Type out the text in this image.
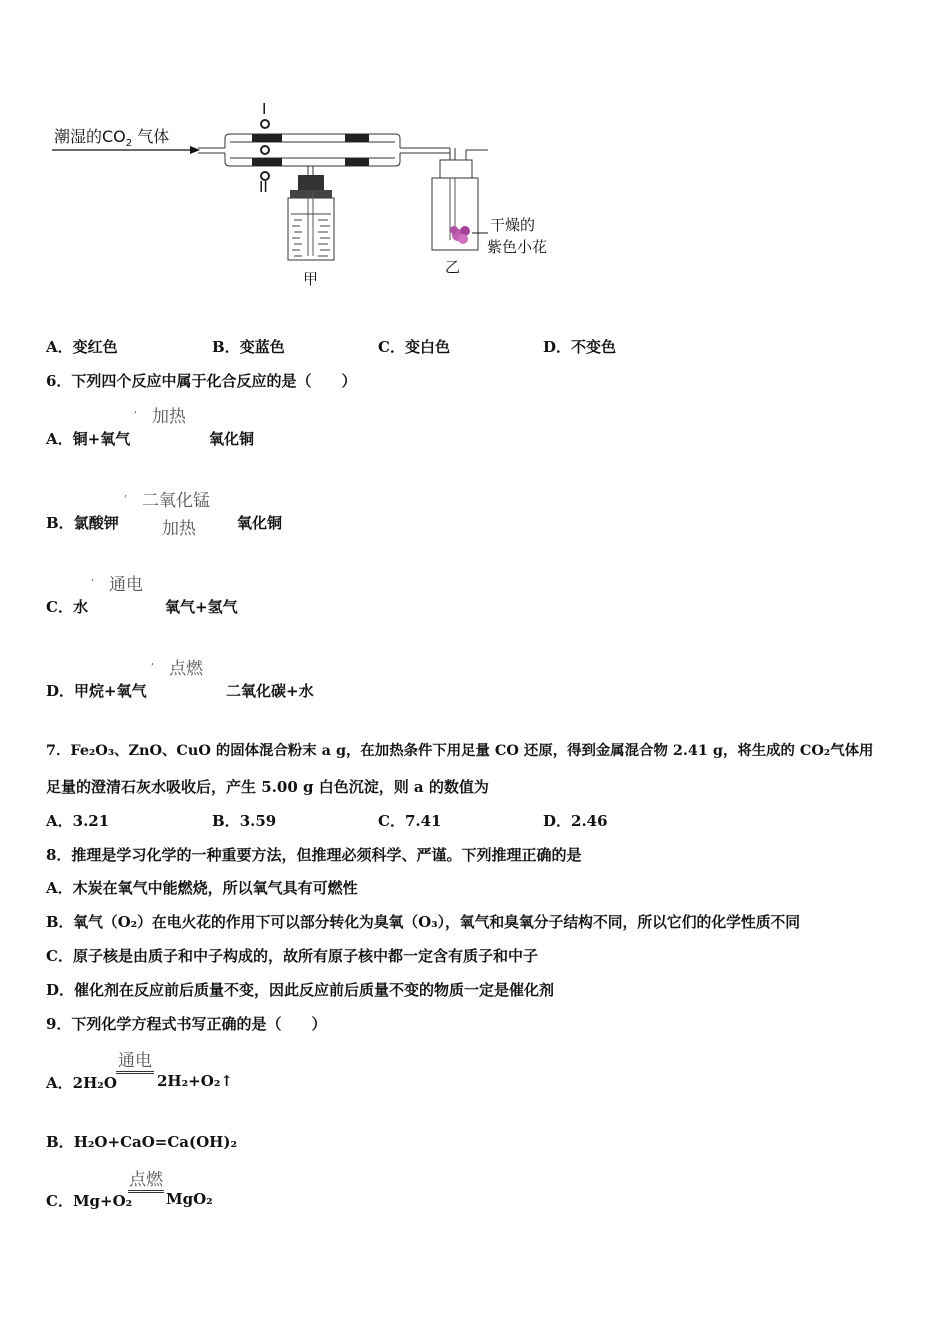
潮湿的$CO_2$ 气体
I
II
甲
干燥的
紫色小花
乙
A．变红色	B．变蓝色	C．变白色	D．不变色
6．下列四个反应中属于化合反应的是（　　）
, 加热
A．铜+氧气	氧化铜
, 二氧化锰
B．氯酸钾	加热	氧化铜
, 通电
C．水	氧气+氢气
, 点燃
D．甲烷+氧气	二氧化碳+水
7．Fe₂O₃、ZnO、CuO 的固体混合粉末 a g，在加热条件下用足量 CO 还原，得到金属混合物 2.41 g，将生成的 CO₂气体用
足量的澄清石灰水吸收后，产生 5.00 g 白色沉淀，则 a 的数值为
A．3.21	B．3.59	C．7.41	D．2.46
8．推理是学习化学的一种重要方法，但推理必须科学、严谨。下列推理正确的是
A．木炭在氧气中能燃烧，所以氧气具有可燃性
B．氧气（O₂）在电火花的作用下可以部分转化为臭氧（O₃），氧气和臭氧分子结构不同，所以它们的化学性质不同
C．原子核是由质子和中子构成的，故所有原子核中都一定含有质子和中子
D．催化剂在反应前后质量不变，因此反应前后质量不变的物质一定是催化剂
9．下列化学方程式书写正确的是（　　）
通电
A．2H₂O	2H₂+O₂↑
B．H₂O+CaO=Ca(OH)₂
点燃
C．Mg+O₂ MgO₂
